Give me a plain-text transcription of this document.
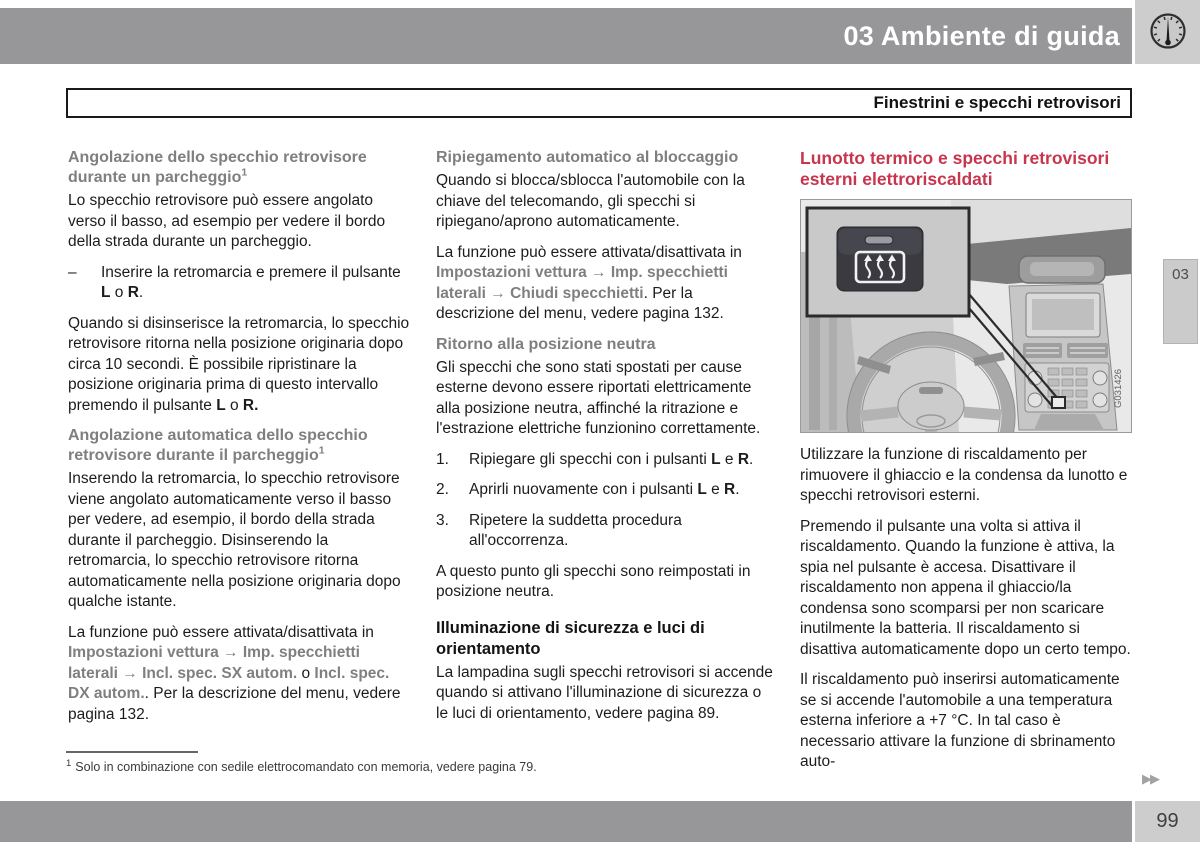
03 Ambiente di guida
Finestrini e specchi retrovisori
03
Angolazione dello specchio retrovisore durante un parcheggio$^1$
Lo specchio retrovisore può essere angolato verso il basso, ad esempio per vedere il bordo della strada durante un parcheggio.
–	Inserire la retromarcia e premere il pulsante L o R.
Quando si disinserisce la retromarcia, lo specchio retrovisore ritorna nella posizione originaria dopo circa 10 secondi. È possibile ripristinare la posizione originaria prima di questo intervallo premendo il pulsante L o R.
Angolazione automatica dello specchio retrovisore durante il parcheggio$^1$
Inserendo la retromarcia, lo specchio retrovisore viene angolato automaticamente verso il basso per vedere, ad esempio, il bordo della strada durante il parcheggio. Disinserendo la retromarcia, lo specchio retrovisore ritorna automaticamente nella posizione originaria dopo qualche istante.
La funzione può essere attivata/disattivata in Impostazioni vettura → Imp. specchietti laterali → Incl. spec. SX autom. o Incl. spec. DX autom.. Per la descrizione del menu, vedere pagina 132.
Ripiegamento automatico al bloccaggio
Quando si blocca/sblocca l'automobile con la chiave del telecomando, gli specchi si ripiegano/aprono automaticamente.
La funzione può essere attivata/disattivata in Impostazioni vettura → Imp. specchietti laterali → Chiudi specchietti. Per la descrizione del menu, vedere pagina 132.
Ritorno alla posizione neutra
Gli specchi che sono stati spostati per cause esterne devono essere riportati elettricamente alla posizione neutra, affinché la ritrazione e l'estrazione elettriche funzionino correttamente.
1.	Ripiegare gli specchi con i pulsanti L e R.
2.	Aprirli nuovamente con i pulsanti L e R.
3.	Ripetere la suddetta procedura all'occorrenza.
A questo punto gli specchi sono reimpostati in posizione neutra.
Illuminazione di sicurezza e luci di orientamento
La lampadina sugli specchi retrovisori si accende quando si attivano l'illuminazione di sicurezza o le luci di orientamento, vedere pagina 89.
Lunotto termico e specchi retrovisori esterni elettroriscaldati
G031426
Utilizzare la funzione di riscaldamento per rimuovere il ghiaccio e la condensa da lunotto e specchi retrovisori esterni.
Premendo il pulsante una volta si attiva il riscaldamento. Quando la funzione è attiva, la spia nel pulsante è accesa. Disattivare il riscaldamento non appena il ghiaccio/la condensa sono scomparsi per non scaricare inutilmente la batteria. Il riscaldamento si disattiva automaticamente dopo un certo tempo.
Il riscaldamento può inserirsi automaticamente se si accende l'automobile a una temperatura esterna inferiore a +7 °C. In tal caso è necessario attivare la funzione di sbrinamento auto-
$^1$ Solo in combinazione con sedile elettrocomandato con memoria, vedere pagina 79.
▶▶
99
